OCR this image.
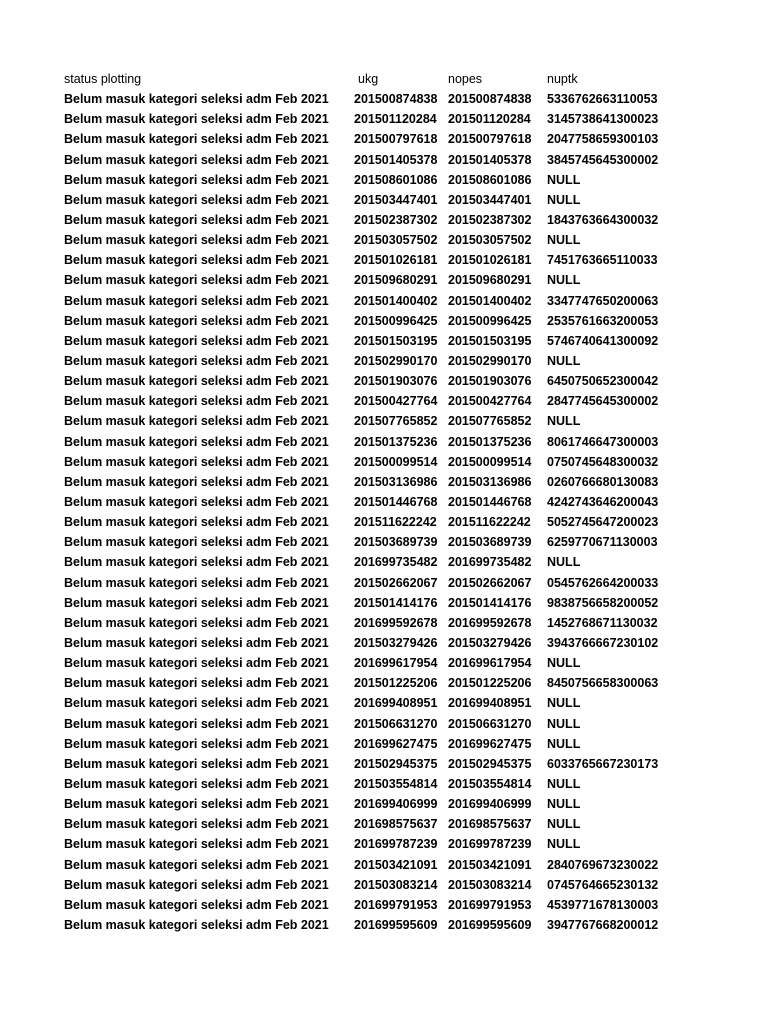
status plotting	ukg	nopes	nuptk
Belum masuk kategori seleksi adm Feb 2021	201500874838 201500874838	5336762663110053
Belum masuk kategori seleksi adm Feb 2021	201501120284 201501120284	3145738641300023
Belum masuk kategori seleksi adm Feb 2021	201500797618 201500797618	2047758659300103
Belum masuk kategori seleksi adm Feb 2021	201501405378 201501405378	3845745645300002
Belum masuk kategori seleksi adm Feb 2021	201508601086 201508601086	NULL
Belum masuk kategori seleksi adm Feb 2021	201503447401 201503447401	NULL
Belum masuk kategori seleksi adm Feb 2021	201502387302 201502387302	1843763664300032
Belum masuk kategori seleksi adm Feb 2021	201503057502 201503057502	NULL
Belum masuk kategori seleksi adm Feb 2021	201501026181 201501026181	7451763665110033
Belum masuk kategori seleksi adm Feb 2021	201509680291 201509680291	NULL
Belum masuk kategori seleksi adm Feb 2021	201501400402 201501400402	3347747650200063
Belum masuk kategori seleksi adm Feb 2021	201500996425 201500996425	2535761663200053
Belum masuk kategori seleksi adm Feb 2021	201501503195 201501503195	5746740641300092
Belum masuk kategori seleksi adm Feb 2021	201502990170 201502990170	NULL
Belum masuk kategori seleksi adm Feb 2021	201501903076 201501903076	6450750652300042
Belum masuk kategori seleksi adm Feb 2021	201500427764 201500427764	2847745645300002
Belum masuk kategori seleksi adm Feb 2021	201507765852 201507765852	NULL
Belum masuk kategori seleksi adm Feb 2021	201501375236 201501375236	8061746647300003
Belum masuk kategori seleksi adm Feb 2021	201500099514 201500099514	0750745648300032
Belum masuk kategori seleksi adm Feb 2021	201503136986 201503136986	0260766680130083
Belum masuk kategori seleksi adm Feb 2021	201501446768 201501446768	4242743646200043
Belum masuk kategori seleksi adm Feb 2021	201511622242 201511622242	5052745647200023
Belum masuk kategori seleksi adm Feb 2021	201503689739 201503689739	6259770671130003
Belum masuk kategori seleksi adm Feb 2021	201699735482 201699735482	NULL
Belum masuk kategori seleksi adm Feb 2021	201502662067 201502662067	0545762664200033
Belum masuk kategori seleksi adm Feb 2021	201501414176 201501414176	9838756658200052
Belum masuk kategori seleksi adm Feb 2021	201699592678 201699592678	1452768671130032
Belum masuk kategori seleksi adm Feb 2021	201503279426 201503279426	3943766667230102
Belum masuk kategori seleksi adm Feb 2021	201699617954 201699617954	NULL
Belum masuk kategori seleksi adm Feb 2021	201501225206 201501225206	8450756658300063
Belum masuk kategori seleksi adm Feb 2021	201699408951 201699408951	NULL
Belum masuk kategori seleksi adm Feb 2021	201506631270 201506631270	NULL
Belum masuk kategori seleksi adm Feb 2021	201699627475 201699627475	NULL
Belum masuk kategori seleksi adm Feb 2021	201502945375 201502945375	6033765667230173
Belum masuk kategori seleksi adm Feb 2021	201503554814 201503554814	NULL
Belum masuk kategori seleksi adm Feb 2021	201699406999 201699406999	NULL
Belum masuk kategori seleksi adm Feb 2021	201698575637 201698575637	NULL
Belum masuk kategori seleksi adm Feb 2021	201699787239 201699787239	NULL
Belum masuk kategori seleksi adm Feb 2021	201503421091 201503421091	2840769673230022
Belum masuk kategori seleksi adm Feb 2021	201503083214 201503083214	0745764665230132
Belum masuk kategori seleksi adm Feb 2021	201699791953 201699791953	4539771678130003
Belum masuk kategori seleksi adm Feb 2021	201699595609 201699595609	3947767668200012
